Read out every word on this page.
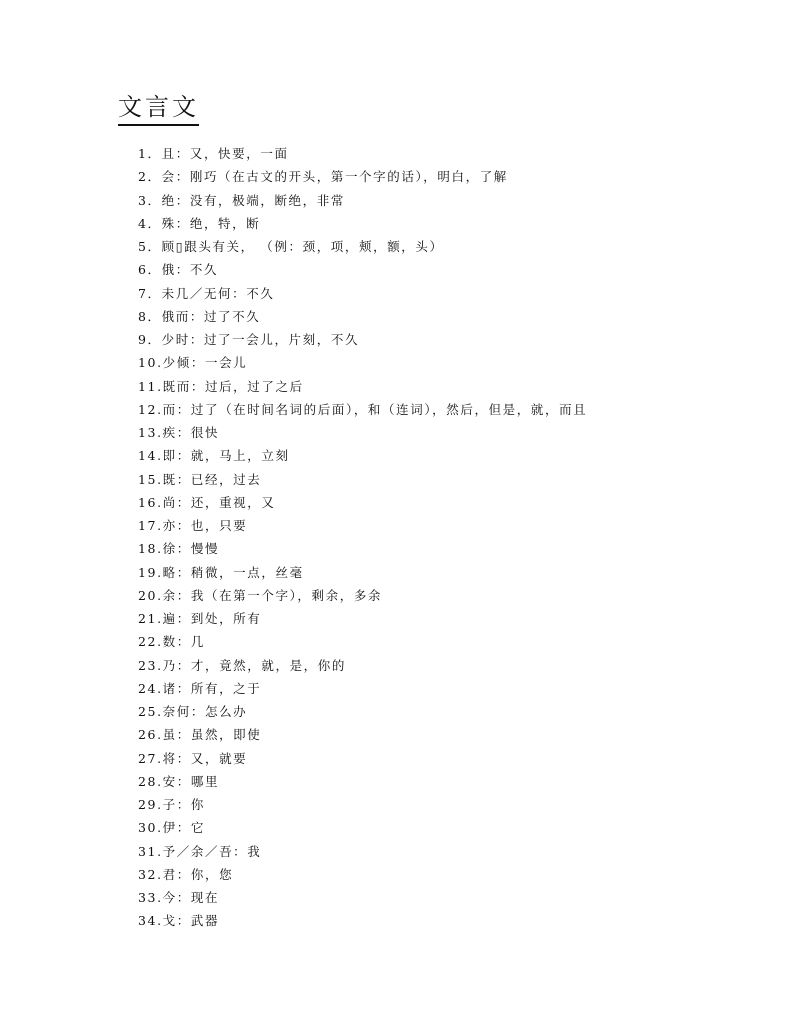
文言文
1．且：又，快要，一面
2．会：刚巧（在古文的开头，第一个字的话），明白，了解
3．绝：没有，极端，断绝，非常
4．殊：绝，特，断
5．顾▯跟头有关， （例：颈，项，颊，额，头）
6．俄：不久
7．未几／无何：不久
8．俄而：过了不久
9．少时：过了一会儿，片刻，不久
10.少倾：一会儿
11.既而：过后，过了之后
12.而：过了（在时间名词的后面），和（连词），然后，但是，就，而且
13.疾：很快
14.即：就，马上，立刻
15.既：已经，过去
16.尚：还，重视，又
17.亦：也，只要
18.徐：慢慢
19.略：稍微，一点，丝毫
20.余：我（在第一个字），剩余，多余
21.遍：到处，所有
22.数：几
23.乃：才，竟然，就，是，你的
24.诸：所有，之于
25.奈何：怎么办
26.虽：虽然，即使
27.将：又，就要
28.安：哪里
29.子：你
30.伊：它
31.予／余／吾：我
32.君：你，您
33.今：现在
34.戈：武器
